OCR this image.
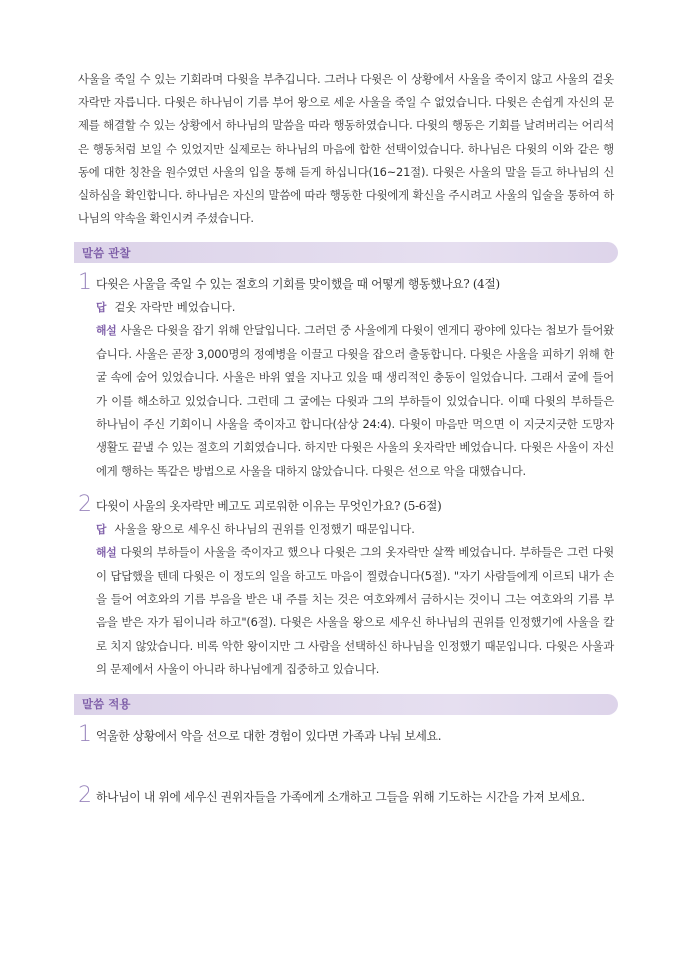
사울을 죽일 수 있는 기회라며 다윗을 부추깁니다. 그러나 다윗은 이 상황에서 사울을 죽이지 않고 사울의 겉옷자락만 자릅니다. 다윗은 하나님이 기름 부어 왕으로 세운 사울을 죽일 수 없었습니다. 다윗은 손쉽게 자신의 문제를 해결할 수 있는 상황에서 하나님의 말씀을 따라 행동하였습니다. 다윗의 행동은 기회를 날려버리는 어리석은 행동처럼 보일 수 있었지만 실제로는 하나님의 마음에 합한 선택이었습니다. 하나님은 다윗의 이와 같은 행동에 대한 칭찬을 원수였던 사울의 입을 통해 듣게 하십니다(16~21절). 다윗은 사울의 말을 듣고 하나님의 신실하심을 확인합니다. 하나님은 자신의 말씀에 따라 행동한 다윗에게 확신을 주시려고 사울의 입술을 통하여 하나님의 약속을 확인시켜 주셨습니다.

말씀 관찰
1 다윗은 사울을 죽일 수 있는 절호의 기회를 맞이했을 때 어떻게 행동했나요? (4절)
답 겉옷 자락만 베었습니다.

해설 사울은 다윗을 잡기 위해 안달입니다. 그러던 중 사울에게 다윗이 엔게디 광야에 있다는 첩보가 들어왔습니다. 사울은 곧장 3,000명의 정예병을 이끌고 다윗을 잡으러 출동합니다. 다윗은 사울을 피하기 위해 한 굴 속에 숨어 있었습니다. 사울은 바위 옆을 지나고 있을 때 생리적인 충동이 일었습니다. 그래서 굴에 들어가 이를 해소하고 있었습니다. 그런데 그 굴에는 다윗과 그의 부하들이 있었습니다. 이때 다윗의 부하들은 하나님이 주신 기회이니 사울을 죽이자고 합니다(삼상 24:4). 다윗이 마음만 먹으면 이 지긋지긋한 도망자 생활도 끝낼 수 있는 절호의 기회였습니다. 하지만 다윗은 사울의 옷자락만 베었습니다. 다윗은 사울이 자신에게 행하는 똑같은 방법으로 사울을 대하지 않았습니다. 다윗은 선으로 악을 대했습니다.

2 다윗이 사울의 옷자락만 베고도 괴로워한 이유는 무엇인가요? (5-6절)
답 사울을 왕으로 세우신 하나님의 권위를 인정했기 때문입니다.

해설 다윗의 부하들이 사울을 죽이자고 했으나 다윗은 그의 옷자락만 살짝 베었습니다. 부하들은 그런 다윗이 답답했을 텐데 다윗은 이 정도의 일을 하고도 마음이 찔렸습니다(5절). "자기 사람들에게 이르되 내가 손을 들어 여호와의 기름 부음을 받은 내 주를 치는 것은 여호와께서 금하시는 것이니 그는 여호와의 기름 부음을 받은 자가 됨이니라 하고"(6절). 다윗은 사울을 왕으로 세우신 하나님의 권위를 인정했기에 사울을 칼로 치지 않았습니다. 비록 악한 왕이지만 그 사람을 선택하신 하나님을 인정했기 때문입니다. 다윗은 사울과의 문제에서 사울이 아니라 하나님에게 집중하고 있습니다.

말씀 적용
1 억울한 상황에서 악을 선으로 대한 경험이 있다면 가족과 나눠 보세요.
2 하나님이 내 위에 세우신 권위자들을 가족에게 소개하고 그들을 위해 기도하는 시간을 가져 보세요.
